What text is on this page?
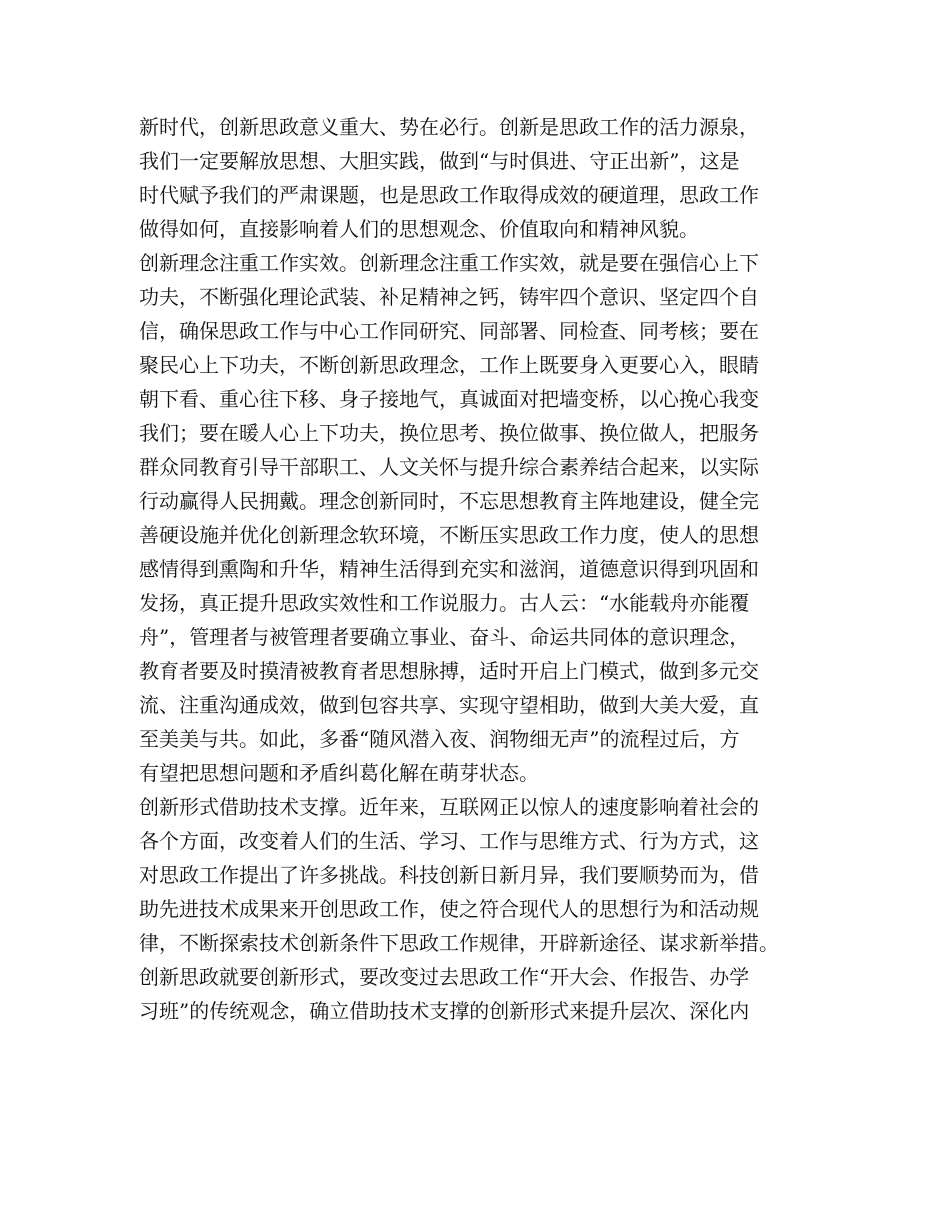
新时代，创新思政意义重大、势在必行。创新是思政工作的活力源泉，
我们一定要解放思想、大胆实践，做到“与时俱进、守正出新”，这是
时代赋予我们的严肃课题，也是思政工作取得成效的硬道理，思政工作
做得如何，直接影响着人们的思想观念、价值取向和精神风貌。
创新理念注重工作实效。创新理念注重工作实效，就是要在强信心上下
功夫，不断强化理论武装、补足精神之钙，铸牢四个意识、坚定四个自
信，确保思政工作与中心工作同研究、同部署、同检查、同考核；要在
聚民心上下功夫，不断创新思政理念，工作上既要身入更要心入，眼睛
朝下看、重心往下移、身子接地气，真诚面对把墙变桥，以心挽心我变
我们；要在暖人心上下功夫，换位思考、换位做事、换位做人，把服务
群众同教育引导干部职工、人文关怀与提升综合素养结合起来，以实际
行动赢得人民拥戴。理念创新同时，不忘思想教育主阵地建设，健全完
善硬设施并优化创新理念软环境，不断压实思政工作力度，使人的思想
感情得到熏陶和升华，精神生活得到充实和滋润，道德意识得到巩固和
发扬，真正提升思政实效性和工作说服力。古人云：“水能载舟亦能覆
舟”，管理者与被管理者要确立事业、奋斗、命运共同体的意识理念，
教育者要及时摸清被教育者思想脉搏，适时开启上门模式，做到多元交
流、注重沟通成效，做到包容共享、实现守望相助，做到大美大爱，直
至美美与共。如此，多番“随风潜入夜、润物细无声”的流程过后，方
有望把思想问题和矛盾纠葛化解在萌芽状态。
创新形式借助技术支撑。近年来，互联网正以惊人的速度影响着社会的
各个方面，改变着人们的生活、学习、工作与思维方式、行为方式，这
对思政工作提出了许多挑战。科技创新日新月异，我们要顺势而为，借
助先进技术成果来开创思政工作，使之符合现代人的思想行为和活动规
律，不断探索技术创新条件下思政工作规律，开辟新途径、谋求新举措。
创新思政就要创新形式，要改变过去思政工作“开大会、作报告、办学
习班”的传统观念，确立借助技术支撑的创新形式来提升层次、深化内
